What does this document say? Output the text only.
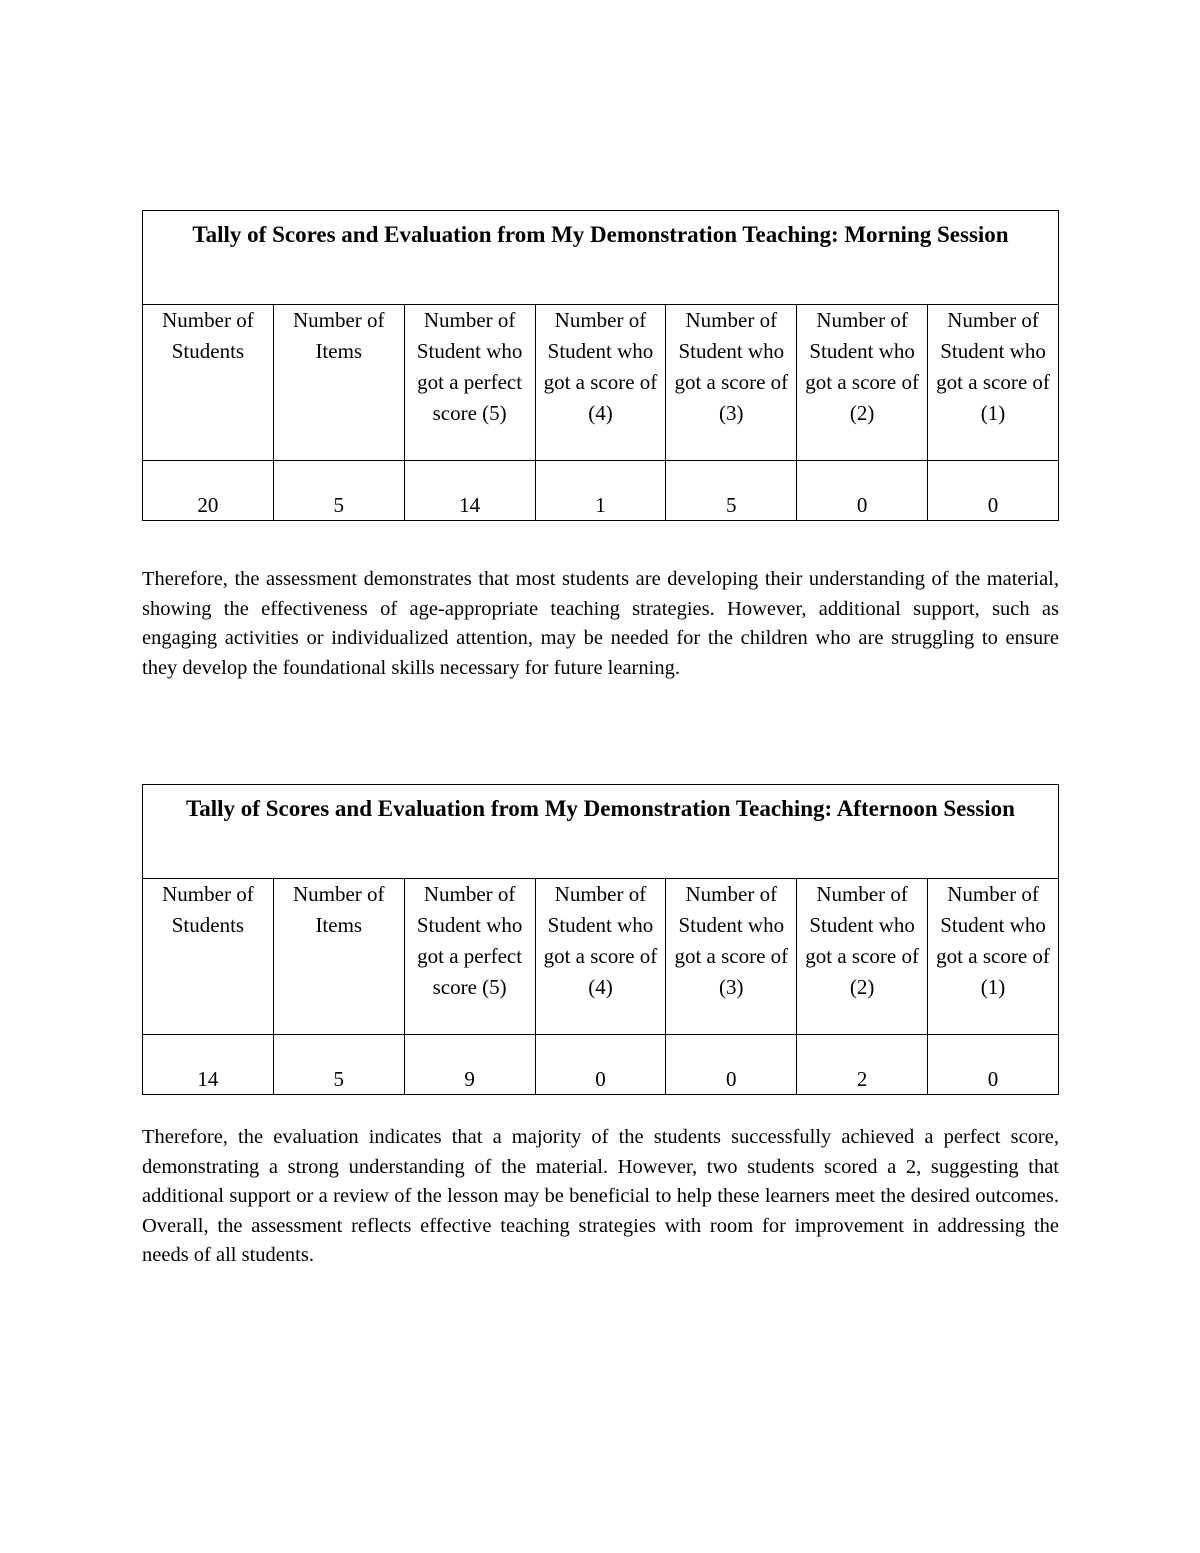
Tally of Scores and Evaluation from My Demonstration Teaching: Morning Session						
Number of Students	Number of Items	Number of Student who got a perfect score (5)	Number of Student who got a score of (4)	Number of Student who got a score of (3)	Number of Student who got a score of (2)	Number of Student who got a score of (1)
20	5	14	1	5	0	0

Therefore, the assessment demonstrates that most students are developing their understanding of the material, showing the effectiveness of age-appropriate teaching strategies. However, additional support, such as engaging activities or individualized attention, may be needed for the children who are struggling to ensure they develop the foundational skills necessary for future learning.

Tally of Scores and Evaluation from My Demonstration Teaching: Afternoon Session						
Number of Students	Number of Items	Number of Student who got a perfect score (5)	Number of Student who got a score of (4)	Number of Student who got a score of (3)	Number of Student who got a score of (2)	Number of Student who got a score of (1)
14	5	9	0	0	2	0

Therefore, the evaluation indicates that a majority of the students successfully achieved a perfect score, demonstrating a strong understanding of the material. However, two students scored a 2, suggesting that additional support or a review of the lesson may be beneficial to help these learners meet the desired outcomes. Overall, the assessment reflects effective teaching strategies with room for improvement in addressing the needs of all students.
